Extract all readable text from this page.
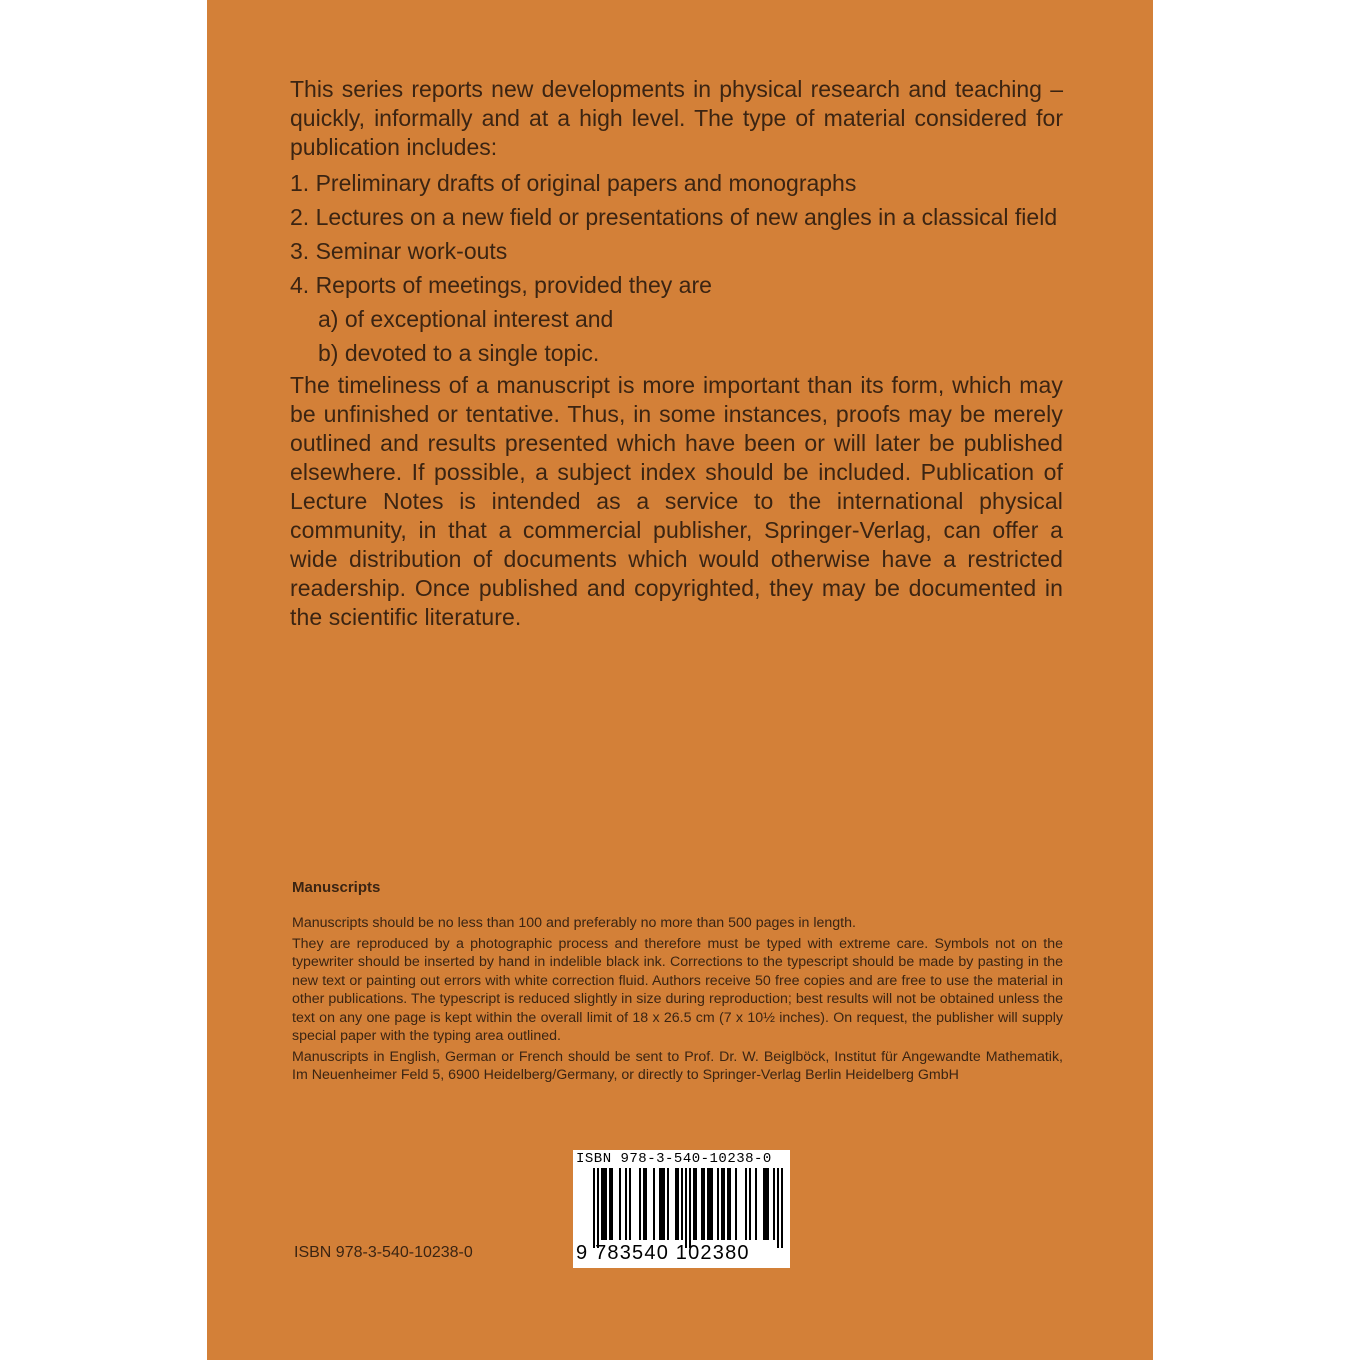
This series reports new developments in physical research and teaching – quickly, informally and at a high level. The type of material considered for publication includes:

1. Preliminary drafts of original papers and monographs
2. Lectures on a new field or presentations of new angles in a classical field
3. Seminar work-outs
4. Reports of meetings, provided they are
a) of exceptional interest and
b) devoted to a single topic.

The timeliness of a manuscript is more important than its form, which may be unfinished or tentative. Thus, in some instances, proofs may be merely outlined and results presented which have been or will later be published elsewhere. If possible, a subject index should be included. Publication of Lecture Notes is intended as a service to the international physical community, in that a commercial publisher, Springer-Verlag, can offer a wide distribution of documents which would otherwise have a restricted readership. Once published and copyrighted, they may be documented in the scientific literature.

Manuscripts

Manuscripts should be no less than 100 and preferably no more than 500 pages in length.

They are reproduced by a photographic process and therefore must be typed with extreme care. Symbols not on the typewriter should be inserted by hand in indelible black ink. Corrections to the typescript should be made by pasting in the new text or painting out errors with white correction fluid. Authors receive 50 free copies and are free to use the material in other publications. The typescript is reduced slightly in size during reproduction; best results will not be obtained unless the text on any one page is kept within the overall limit of 18 x 26.5 cm (7 x 10½ inches). On request, the publisher will supply special paper with the typing area outlined.

Manuscripts in English, German or French should be sent to Prof. Dr. W. Beiglböck, Institut für Angewandte Mathematik, Im Neuenheimer Feld 5, 6900 Heidelberg/Germany, or directly to Springer-Verlag Berlin Heidelberg GmbH

ISBN 978-3-540-10238-0
ISBN 978-3-540-10238-0
9 783540 102380
